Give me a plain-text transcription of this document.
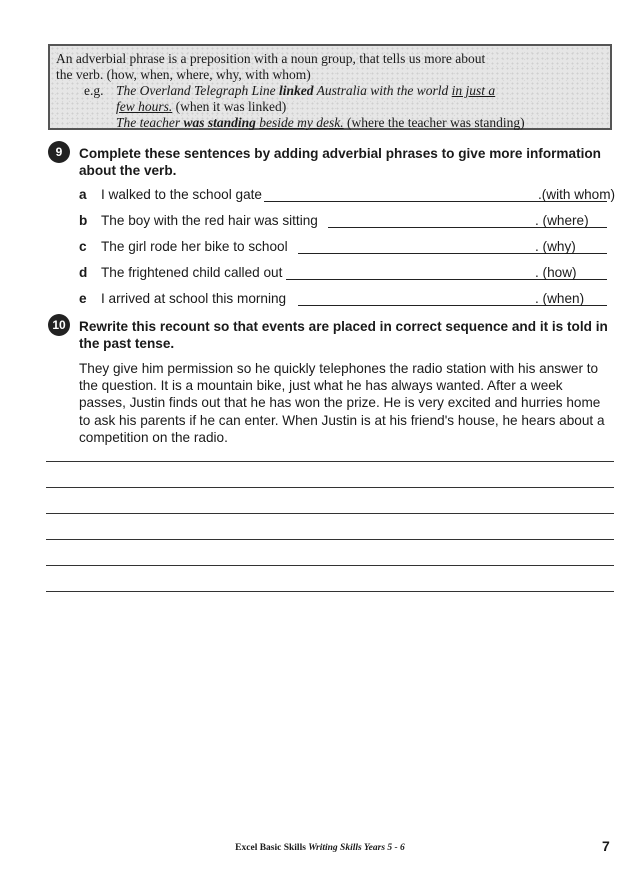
An adverbial phrase is a preposition with a noun group, that tells us more about
the verb. (how, when, where, why, with whom)
e.g. The Overland Telegraph Line linked Australia with the world in just a
few hours. (when it was linked)
The teacher was standing beside my desk. (where the teacher was standing)
9	Complete these sentences by adding adverbial phrases to give more information
about the verb.
a I walked to the school gate	.(with whom)
b The boy with the red hair was sitting	. (where)
c The girl rode her bike to school	. (why)
d The frightened child called out	. (how)
e I arrived at school this morning	. (when)
10 Rewrite this recount so that events are placed in correct sequence and it is told in
the past tense.
They give him permission so he quickly telephones the radio station with his answer to
the question. It is a mountain bike, just what he has always wanted. After a week
passes, Justin finds out that he has won the prize. He is very excited and hurries home
to ask his parents if he can enter. When Justin is at his friend's house, he hears about a
competition on the radio.
Excel Basic Skills Writing Skills Years 5 - 6	7
